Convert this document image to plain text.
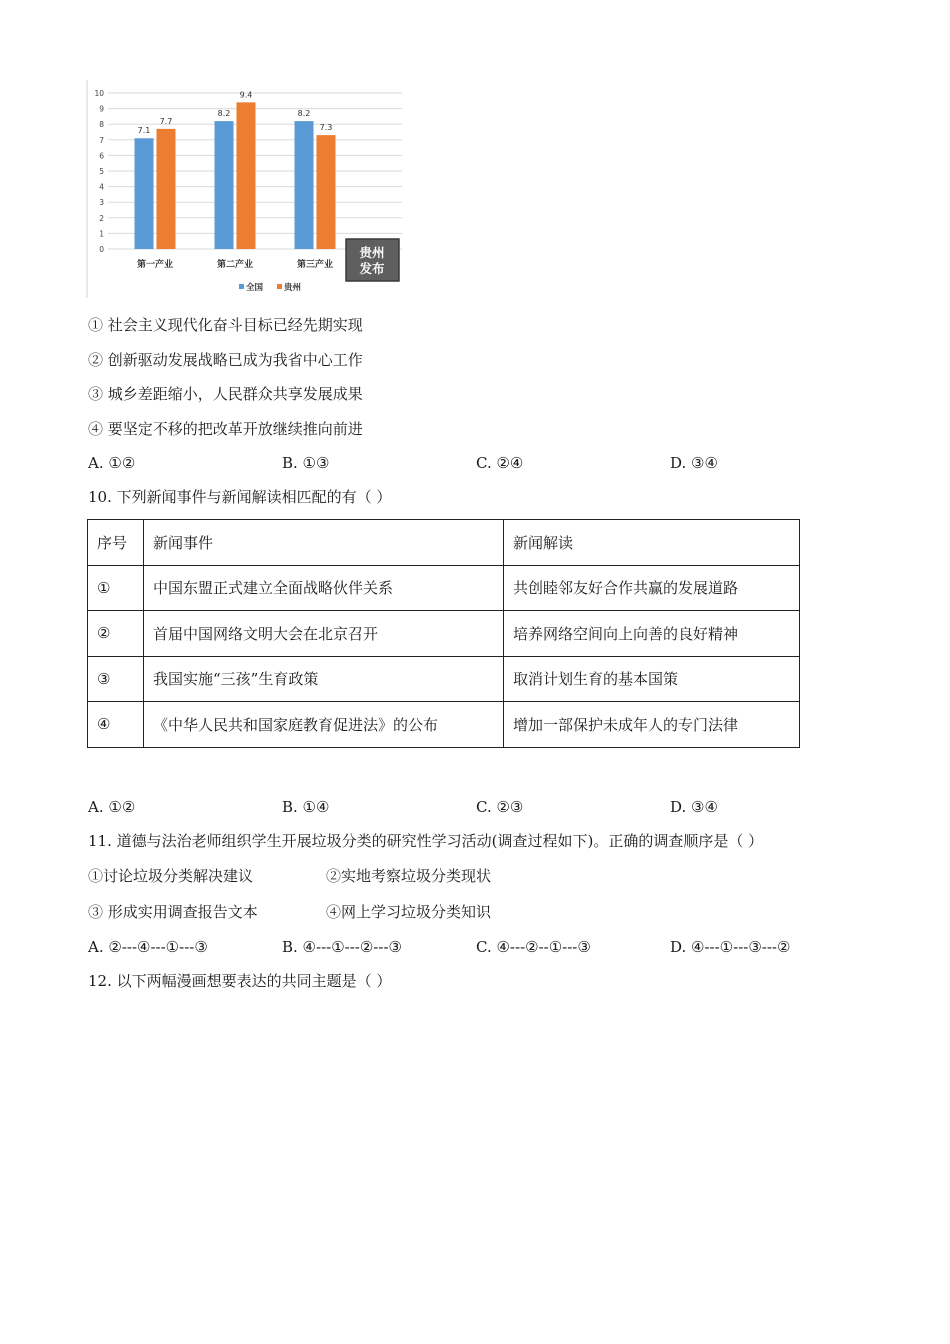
0
1
2
3
4
5
6
7
8
9
10
7.1
7.7
第一产业
8.2
9.4
第二产业
8.2
7.3
第三产业
全国 贵州
贵州
发布
① 社会主义现代化奋斗目标已经先期实现
② 创新驱动发展战略已成为我省中心工作
③ 城乡差距缩小，人民群众共享发展成果
④ 要坚定不移的把改革开放继续推向前进
A. ①②	B. ①③	C. ②④	D. ③④
10. 下列新闻事件与新闻解读相匹配的有（ ）
序号	新闻事件	新闻解读
①	中国东盟正式建立全面战略伙伴关系	共创睦邻友好合作共赢的发展道路
②	首届中国网络文明大会在北京召开	培养网络空间向上向善的良好精神
③	我国实施“三孩”生育政策	取消计划生育的基本国策
④	《中华人民共和国家庭教育促进法》的公布	增加一部保护未成年人的专门法律
A. ①②	B. ①④	C. ②③	D. ③④
11. 道德与法治老师组织学生开展垃圾分类的研究性学习活动(调查过程如下)。正确的调查顺序是（ ）
①讨论垃圾分类解决建议	②实地考察垃圾分类现状
③ 形成实用调查报告文本	④网上学习垃圾分类知识
A. ②---④---①---③	B. ④---①---②---③	C. ④---②--①---③	D. ④---①---③---②
12. 以下两幅漫画想要表达的共同主题是（ ）
